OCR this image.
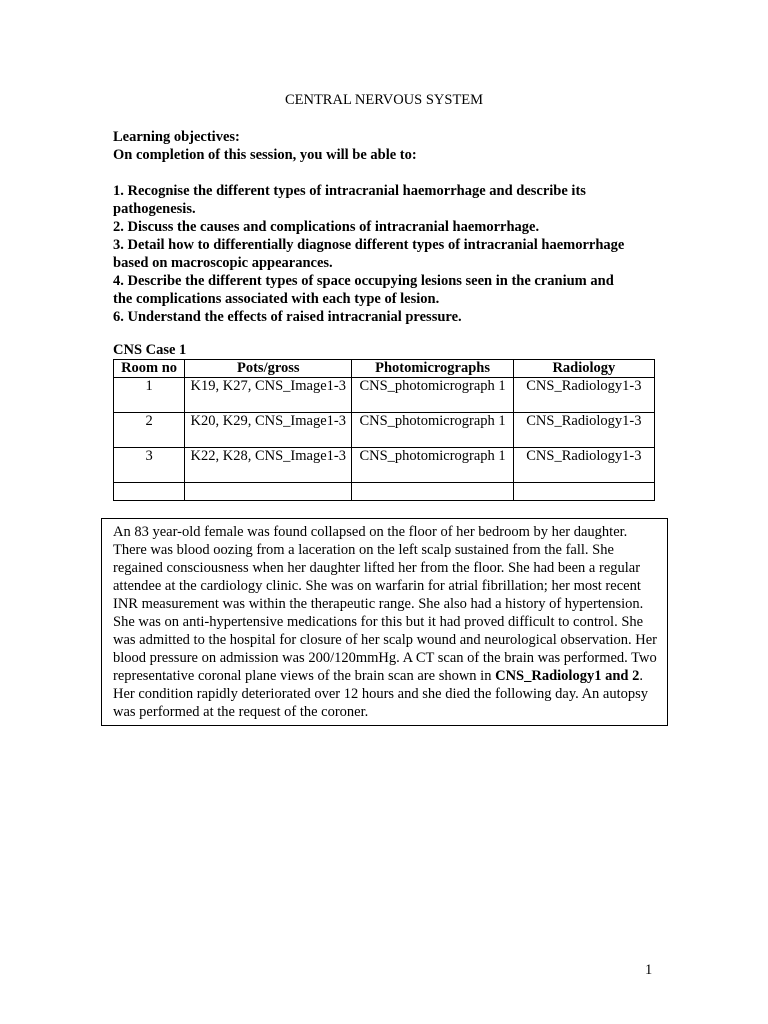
CENTRAL NERVOUS SYSTEM
Learning objectives:
On completion of this session, you will be able to:
1. Recognise the different types of intracranial haemorrhage and describe its
pathogenesis.
2. Discuss the causes and complications of intracranial haemorrhage.
3. Detail how to differentially diagnose different types of intracranial haemorrhage
based on macroscopic appearances.
4. Describe the different types of space occupying lesions seen in the cranium and
the complications associated with each type of lesion.
6. Understand the effects of raised intracranial pressure.
CNS Case 1
Room no	Pots/gross	Photomicrographs	Radiology
1	K19, K27, CNS_Image1-3	CNS_photomicrograph 1	CNS_Radiology1-3
2	K20, K29, CNS_Image1-3	CNS_photomicrograph 1	CNS_Radiology1-3
3	K22, K28, CNS_Image1-3	CNS_photomicrograph 1	CNS_Radiology1-3

An 83 year-old female was found collapsed on the floor of her bedroom by her daughter. There was blood oozing from a laceration on the left scalp sustained from the fall. She regained consciousness when her daughter lifted her from the floor. She had been a regular attendee at the cardiology clinic. She was on warfarin for atrial fibrillation; her most recent INR measurement was within the therapeutic range. She also had a history of hypertension. She was on anti-hypertensive medications for this but it had proved difficult to control. She was admitted to the hospital for closure of her scalp wound and neurological observation. Her blood pressure on admission was 200/120mmHg. A CT scan of the brain was performed. Two representative coronal plane views of the brain scan are shown in CNS_Radiology1 and 2. Her condition rapidly deteriorated over 12 hours and she died the following day. An autopsy was performed at the request of the coroner.
1
